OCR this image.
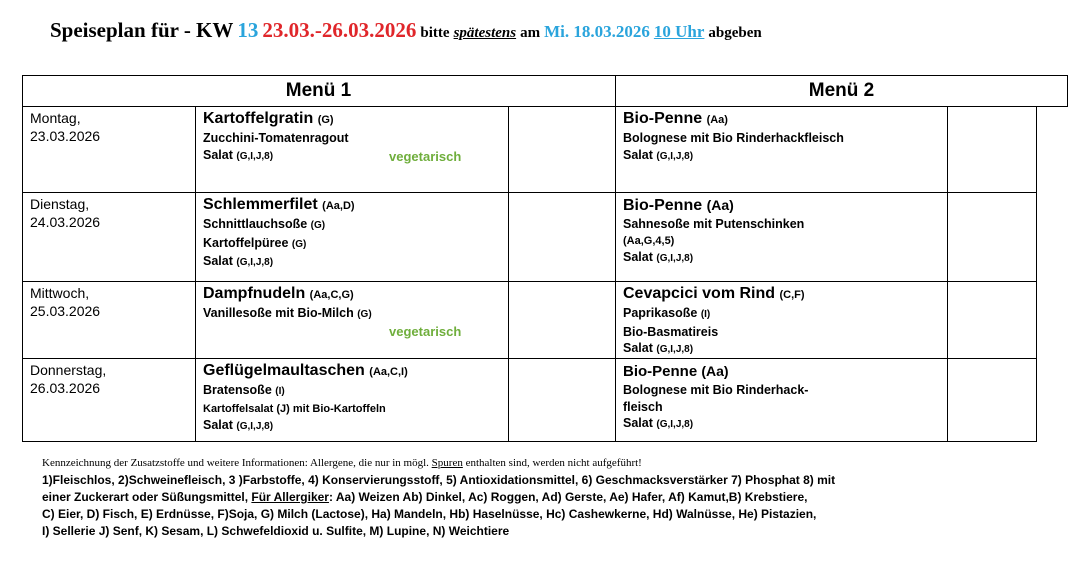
Speiseplan für - KW 13 23.03.-26.03.2026 bitte spätestens am Mi. 18.03.2026 10 Uhr abgeben
Menü 1	Menü 2
Montag,
23.03.2026
Kartoffelgratin (G)
Zucchini-Tomatenragout
Salat (G,I,J,8)	vegetarisch
Bio-Penne (Aa)
Bolognese mit Bio Rinderhackfleisch
Salat (G,I,J,8)
Dienstag,
24.03.2026
Schlemmerfilet (Aa,D)
Schnittlauchsoße (G)
Kartoffelpüree (G)
Salat (G,I,J,8)
Bio-Penne (Aa)
Sahnesoße mit Putenschinken
(Aa,G,4,5)
Salat (G,I,J,8)
Mittwoch,
25.03.2026
Dampfnudeln (Aa,C,G)
Vanillesoße mit Bio-Milch (G)
vegetarisch
Cevapcici vom Rind (C,F)
Paprikasoße (I)
Bio-Basmatireis
Salat (G,I,J,8)
Donnerstag,
26.03.2026
Geflügelmaultaschen (Aa,C,I)
Bratensoße (I)
Kartoffelsalat (J) mit Bio-Kartoffeln
Salat (G,I,J,8)
Bio-Penne (Aa)
Bolognese mit Bio Rinderhack-
fleisch
Salat (G,I,J,8)
Kennzeichnung der Zusatzstoffe und weitere Informationen: Allergene, die nur in mögl. Spuren enthalten sind, werden nicht aufgeführt!
1)Fleischlos, 2)Schweinefleisch, 3 )Farbstoffe, 4) Konservierungsstoff, 5) Antioxidationsmittel, 6) Geschmacksverstärker 7) Phosphat 8) mit
einer Zuckerart oder Süßungsmittel, Für Allergiker: Aa) Weizen Ab) Dinkel, Ac) Roggen, Ad) Gerste, Ae) Hafer, Af) Kamut,B) Krebstiere,
C) Eier, D) Fisch, E) Erdnüsse, F)Soja, G) Milch (Lactose), Ha) Mandeln, Hb) Haselnüsse, Hc) Cashewkerne, Hd) Walnüsse, He) Pistazien,
I) Sellerie J) Senf, K) Sesam, L) Schwefeldioxid u. Sulfite, M) Lupine, N) Weichtiere
